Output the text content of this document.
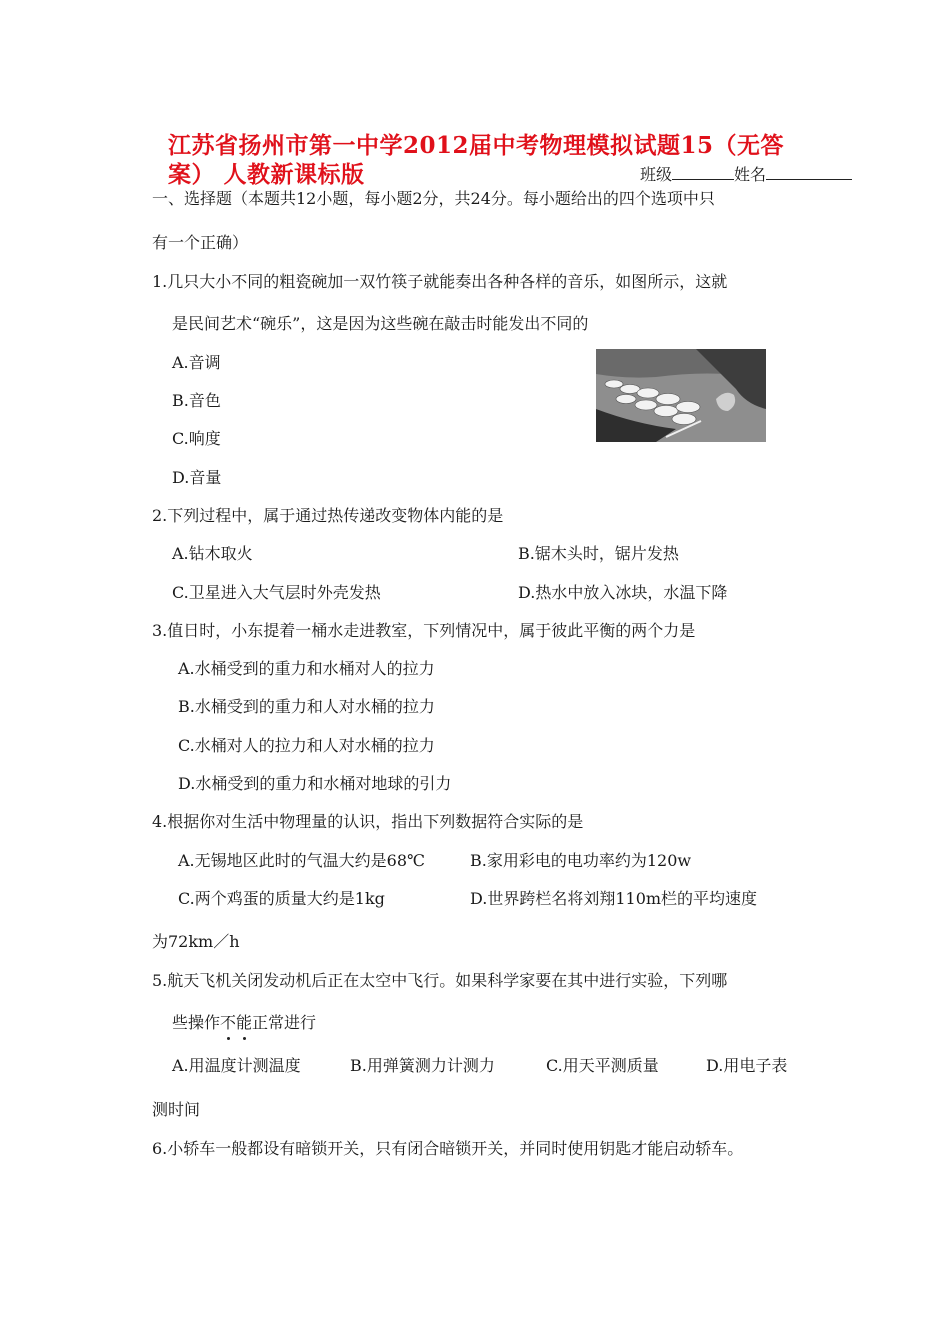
江苏省扬州市第一中学2012届中考物理模拟试题15（无答
案） 人教新课标版	班级	姓名
一、选择题（本题共12小题，每小题2分，共24分。每小题给出的四个选项中只
有一个正确）
1.几只大小不同的粗瓷碗加一双竹筷子就能奏出各种各样的音乐，如图所示，这就
是民间艺术“碗乐”，这是因为这些碗在敲击时能发出不同的
A.音调
B.音色
C.响度
D.音量
2.下列过程中，属于通过热传递改变物体内能的是
A.钻木取火	B.锯木头时，锯片发热
C.卫星进入大气层时外壳发热	D.热水中放入冰块，水温下降
3.值日时，小东提着一桶水走进教室，下列情况中，属于彼此平衡的两个力是
A.水桶受到的重力和水桶对人的拉力
B.水桶受到的重力和人对水桶的拉力
C.水桶对人的拉力和人对水桶的拉力
D.水桶受到的重力和水桶对地球的引力
4.根据你对生活中物理量的认识，指出下列数据符合实际的是
A.无锡地区此时的气温大约是68℃	B.家用彩电的电功率约为120w
C.两个鸡蛋的质量大约是1kg	D.世界跨栏名将刘翔110m栏的平均速度
为72km／h
5.航天飞机关闭发动机后正在太空中飞行。如果科学家要在其中进行实验，下列哪
些操作不能正常进行
A.用温度计测温度	B.用弹簧测力计测力	C.用天平测质量	D.用电子表
测时间
6.小轿车一般都设有暗锁开关，只有闭合暗锁开关，并同时使用钥匙才能启动轿车。
